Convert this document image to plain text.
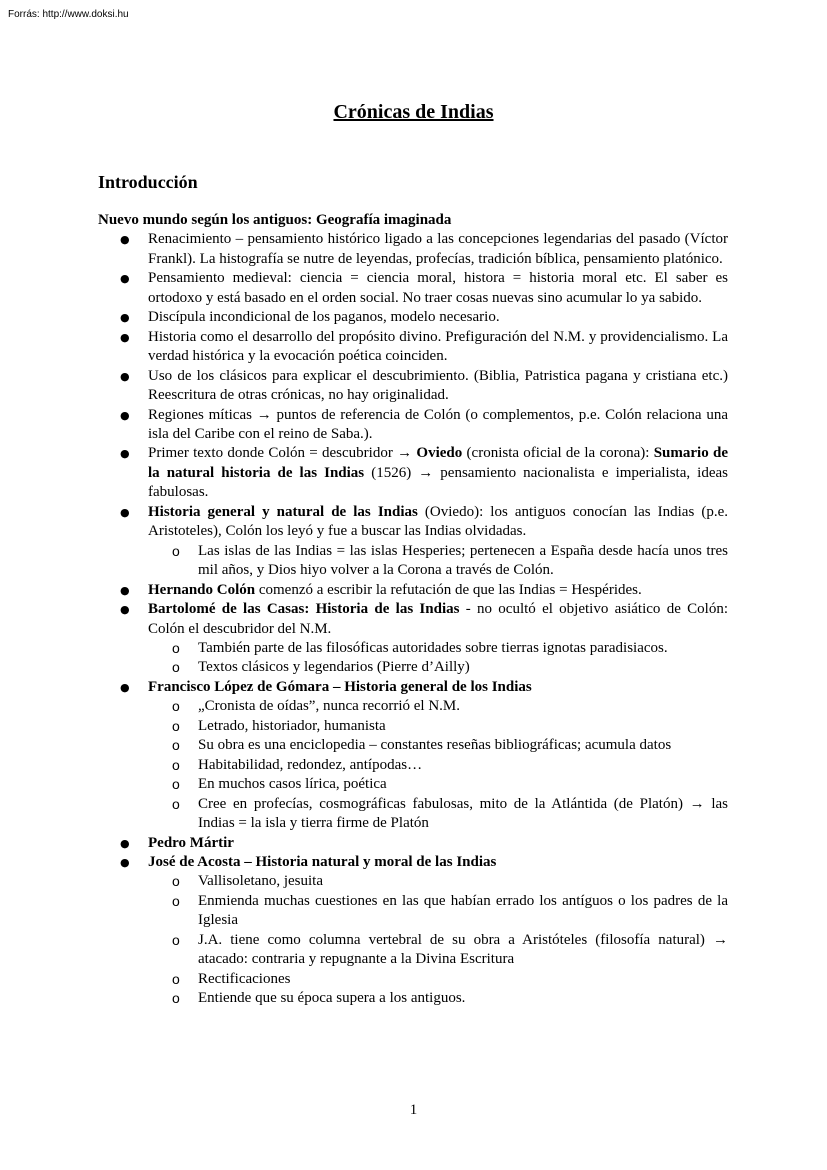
Forrás: http://www.doksi.hu
Crónicas de Indias
Introducción

Nuevo mundo según los antiguos: Geografía imaginada

● Renacimiento – pensamiento histórico ligado a las concepciones legendarias del pasado (Víctor Frankl). La histografía se nutre de leyendas, profecías, tradición bíblica, pensamiento platónico.
● Pensamiento medieval: ciencia = ciencia moral, histora = historia moral etc. El saber es ortodoxo y está basado en el orden social. No traer cosas nuevas sino acumular lo ya sabido.
● Discípula incondicional de los paganos, modelo necesario.
● Historia como el desarrollo del propósito divino. Prefiguración del N.M. y providencialismo. La verdad histórica y la evocación poética coinciden.
● Uso de los clásicos para explicar el descubrimiento. (Biblia, Patristica pagana y cristiana etc.) Reescritura de otras crónicas, no hay originalidad.
● Regiones míticas → puntos de referencia de Colón (o complementos, p.e. Colón relaciona una isla del Caribe con el reino de Saba.).
● Primer texto donde Colón = descubridor → Oviedo (cronista oficial de la corona): Sumario de la natural historia de las Indias (1526) → pensamiento nacionalista e imperialista, ideas fabulosas.
● Historia general y natural de las Indias (Oviedo): los antiguos conocían las Indias (p.e. Aristoteles), Colón los leyó y fue a buscar las Indias olvidadas.
o Las islas de las Indias = las islas Hesperies; pertenecen a España desde hacía unos tres mil años, y Dios hiyo volver a la Corona a través de Colón.
● Hernando Colón comenzó a escribir la refutación de que las Indias = Hespérides.
● Bartolomé de las Casas: Historia de las Indias - no ocultó el objetivo asiático de Colón: Colón el descubridor del N.M.
o También parte de las filosóficas autoridades sobre tierras ignotas paradisiacos.
o Textos clásicos y legendarios (Pierre d’Ailly)
● Francisco López de Gómara – Historia general de los Indias
o „Cronista de oídas”, nunca recorrió el N.M.
o Letrado, historiador, humanista
o Su obra es una enciclopedia – constantes reseñas bibliográficas; acumula datos
o Habitabilidad, redondez, antípodas…
o En muchos casos lírica, poética
o Cree en profecías, cosmográficas fabulosas, mito de la Atlántida (de Platón) → las Indias = la isla y tierra firme de Platón
● Pedro Mártir
● José de Acosta – Historia natural y moral de las Indias
o Vallisoletano, jesuita
o Enmienda muchas cuestiones en las que habían errado los antíguos o los padres de la Iglesia
o J.A. tiene como columna vertebral de su obra a Aristóteles (filosofía natural) → atacado: contraria y repugnante a la Divina Escritura
o Rectificaciones
o Entiende que su época supera a los antiguos.
1
